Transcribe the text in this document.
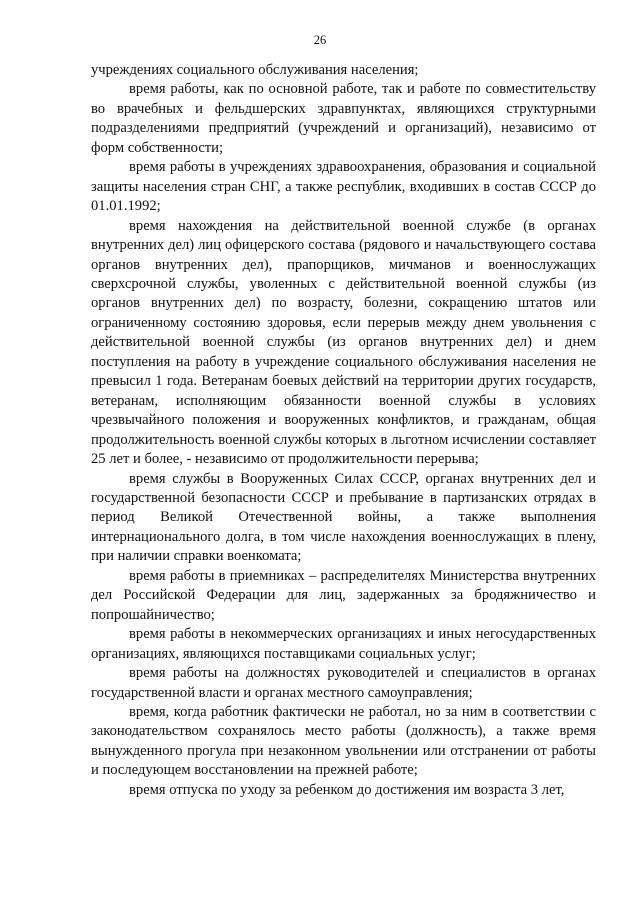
26

учреждениях социального обслуживания населения;

время работы, как по основной работе, так и работе по совместительству во врачебных и фельдшерских здравпунктах, являющихся структурными подразделениями предприятий (учреждений и организаций), независимо от форм собственности;

время работы в учреждениях здравоохранения, образования и социальной защиты населения стран СНГ, а также республик, входивших в состав СССР до 01.01.1992;

время нахождения на действительной военной службе (в органах внутренних дел) лиц офицерского состава (рядового и начальствующего состава органов внутренних дел), прапорщиков, мичманов и военнослужащих сверхсрочной службы, уволенных с действительной военной службы (из органов внутренних дел) по возрасту, болезни, сокращению штатов или ограниченному состоянию здоровья, если перерыв между днем увольнения с действительной военной службы (из органов внутренних дел) и днем поступления на работу в учреждение социального обслуживания населения не превысил 1 года. Ветеранам боевых действий на территории других государств, ветеранам, исполняющим обязанности военной службы в условиях чрезвычайного положения и вооруженных конфликтов, и гражданам, общая продолжительность военной службы которых в льготном исчислении составляет 25 лет и более, - независимо от продолжительности перерыва;

время службы в Вооруженных Силах СССР, органах внутренних дел и государственной безопасности СССР и пребывание в партизанских отрядах в период Великой Отечественной войны, а также выполнения интернационального долга, в том числе нахождения военнослужащих в плену, при наличии справки военкомата;

время работы в приемниках – распределителях Министерства внутренних дел Российской Федерации для лиц, задержанных за бродяжничество и попрошайничество;

время работы в некоммерческих организациях и иных негосударственных организациях, являющихся поставщиками социальных услуг;

время работы на должностях руководителей и специалистов в органах государственной власти и органах местного самоуправления;

время, когда работник фактически не работал, но за ним в соответствии с законодательством сохранялось место работы (должность), а также время вынужденного прогула при незаконном увольнении или отстранении от работы и последующем восстановлении на прежней работе;

время отпуска по уходу за ребенком до достижения им возраста 3 лет,
